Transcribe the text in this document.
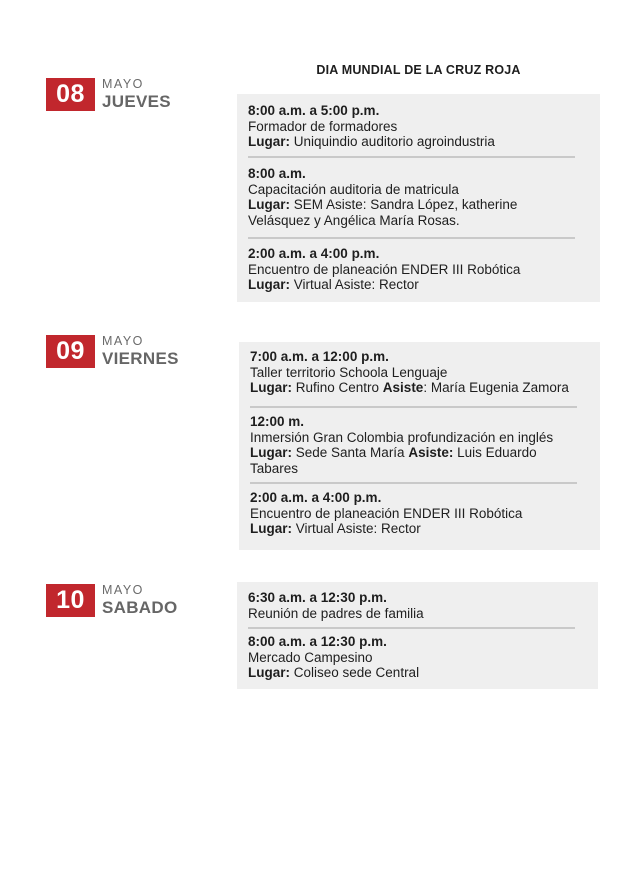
DIA MUNDIAL DE LA CRUZ ROJA
08	MAYO
JUEVES	8:00 a.m. a 5:00 p.m.
Formador de formadores
Lugar: Uniquindio auditorio agroindustria
8:00 a.m.
Capacitación auditoria de matricula
Lugar: SEM Asiste: Sandra López, katherine
Velásquez y Angélica María Rosas.
2:00 a.m. a 4:00 p.m.
Encuentro de planeación ENDER III Robótica
Lugar: Virtual Asiste: Rector
09	MAYO
VIERNES	7:00 a.m. a 12:00 p.m.
Taller territorio Schoola Lenguaje
Lugar: Rufino Centro Asiste: María Eugenia Zamora
12:00 m.
Inmersión Gran Colombia profundización en inglés
Lugar: Sede Santa María Asiste: Luis Eduardo
Tabares
2:00 a.m. a 4:00 p.m.
Encuentro de planeación ENDER III Robótica
Lugar: Virtual Asiste: Rector
10	MAYO
SABADO
6:30 a.m. a 12:30 p.m.
Reunión de padres de familia
8:00 a.m. a 12:30 p.m.
Mercado Campesino
Lugar: Coliseo sede Central
